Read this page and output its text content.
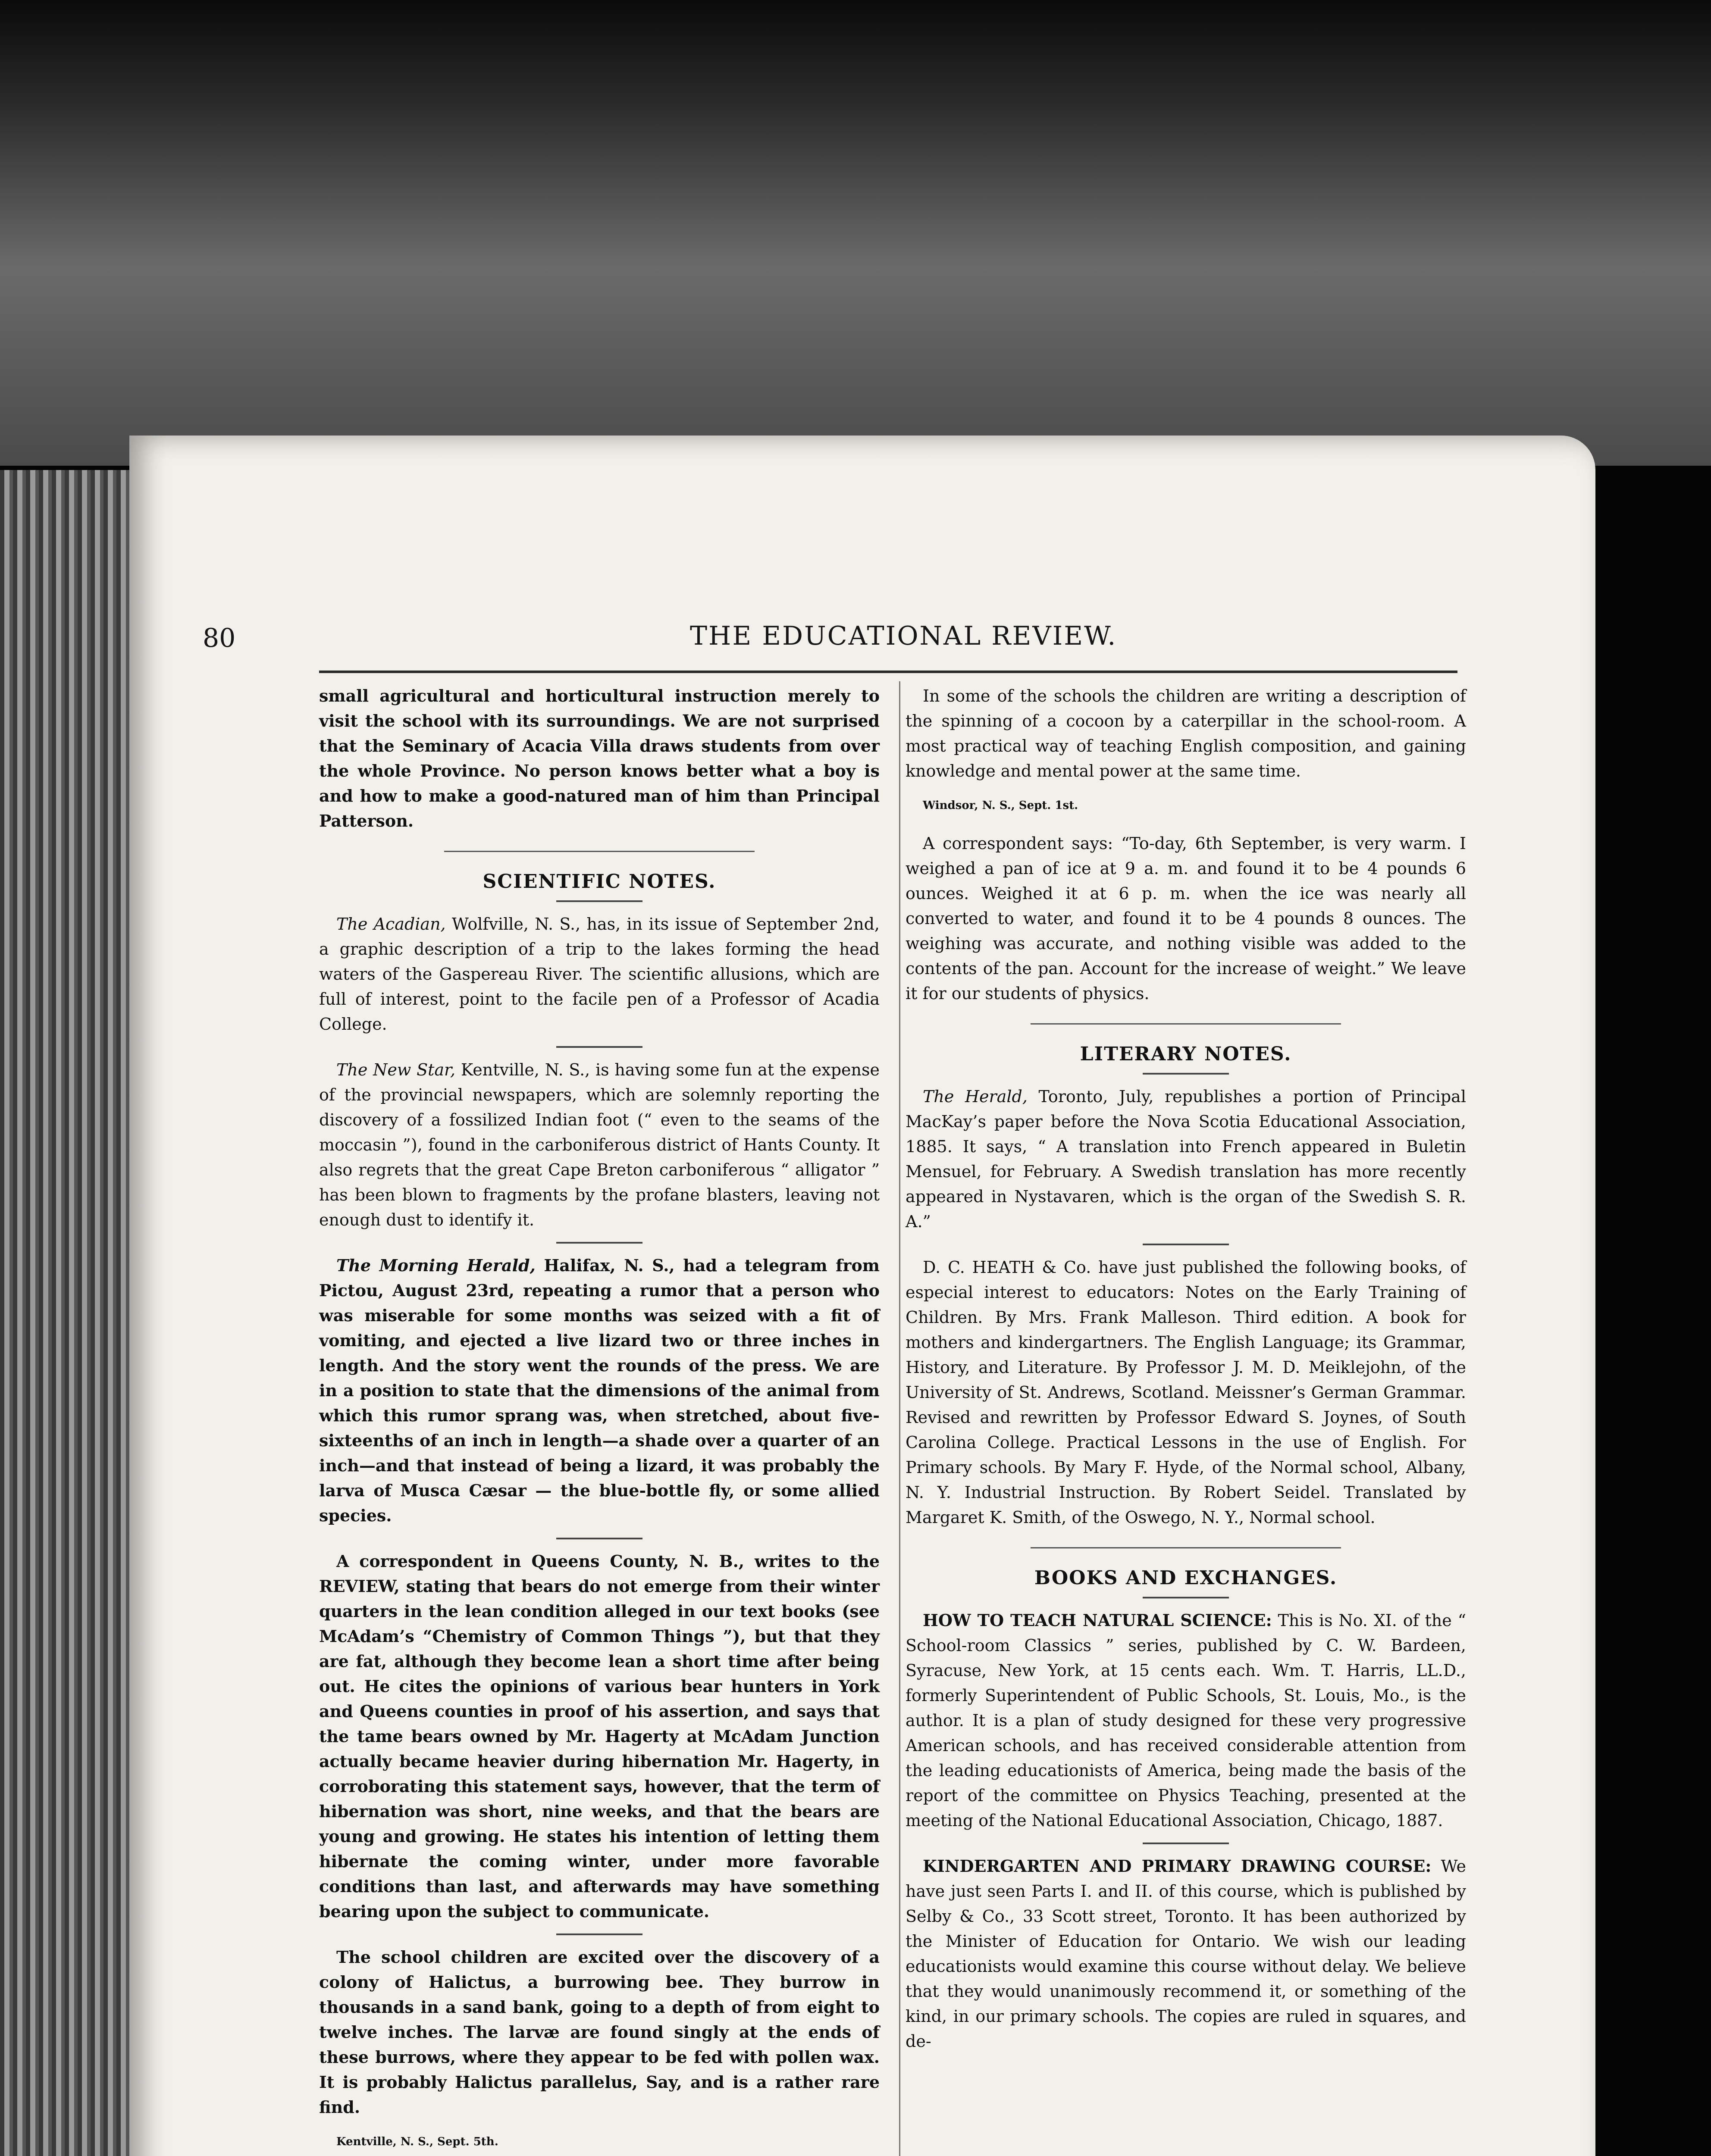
80	THE EDUCATIONAL REVIEW.

small agricultural and horticultural instruction merely to visit the school with its surroundings. We are not surprised that the Seminary of Acacia Villa draws students from over the whole Province. No person knows better what a boy is and how to make a good-natured man of him than Principal Patterson.

SCIENTIFIC NOTES.

The Acadian, Wolfville, N. S., has, in its issue of September 2nd, a graphic description of a trip to the lakes forming the head waters of the Gaspereau River. The scientific allusions, which are full of interest, point to the facile pen of a Professor of Acadia College.

The New Star, Kentville, N. S., is having some fun at the expense of the provincial newspapers, which are solemnly reporting the discovery of a fossilized Indian foot (“ even to the seams of the moccasin ”), found in the carboniferous district of Hants County. It also regrets that the great Cape Breton carboniferous “ alligator ” has been blown to fragments by the profane blasters, leaving not enough dust to identify it.

The Morning Herald, Halifax, N. S., had a telegram from Pictou, August 23rd, repeating a rumor that a person who was miserable for some months was seized with a fit of vomiting, and ejected a live lizard two or three inches in length. And the story went the rounds of the press. We are in a position to state that the dimensions of the animal from which this rumor sprang was, when stretched, about five-sixteenths of an inch in length—a shade over a quarter of an inch—and that instead of being a lizard, it was probably the larva of Musca Cæsar — the blue-bottle fly, or some allied species.

A correspondent in Queens County, N. B., writes to the REVIEW, stating that bears do not emerge from their winter quarters in the lean condition alleged in our text books (see McAdam’s “Chemistry of Common Things ”), but that they are fat, although they become lean a short time after being out. He cites the opinions of various bear hunters in York and Queens counties in proof of his assertion, and says that the tame bears owned by Mr. Hagerty at McAdam Junction actually became heavier during hibernation Mr. Hagerty, in corroborating this statement says, however, that the term of hibernation was short, nine weeks, and that the bears are young and growing. He states his intention of letting them hibernate the coming winter, under more favorable conditions than last, and afterwards may have something bearing upon the subject to communicate.

The school children are excited over the discovery of a colony of Halictus, a burrowing bee. They burrow in thousands in a sand bank, going to a depth of from eight to twelve inches. The larvæ are found singly at the ends of these burrows, where they appear to be fed with pollen wax. It is probably Halictus parallelus, Say, and is a rather rare find.

Kentville, N. S., Sept. 5th.

In some of the schools the children are writing a description of the spinning of a cocoon by a caterpillar in the school-room. A most practical way of teaching English composition, and gaining knowledge and mental power at the same time.

Windsor, N. S., Sept. 1st.

A correspondent says: “To-day, 6th September, is very warm. I weighed a pan of ice at 9 a. m. and found it to be 4 pounds 6 ounces. Weighed it at 6 p. m. when the ice was nearly all converted to water, and found it to be 4 pounds 8 ounces. The weighing was accurate, and nothing visible was added to the contents of the pan. Account for the increase of weight.” We leave it for our students of physics.

LITERARY NOTES.

The Herald, Toronto, July, republishes a portion of Principal MacKay’s paper before the Nova Scotia Educational Association, 1885. It says, “ A translation into French appeared in Buletin Mensuel, for February. A Swedish translation has more recently appeared in Nystavaren, which is the organ of the Swedish S. R. A.”

D. C. HEATH & Co. have just published the following books, of especial interest to educators: Notes on the Early Training of Children. By Mrs. Frank Malleson. Third edition. A book for mothers and kindergartners. The English Language; its Grammar, History, and Literature. By Professor J. M. D. Meiklejohn, of the University of St. Andrews, Scotland. Meissner’s German Grammar. Revised and rewritten by Professor Edward S. Joynes, of South Carolina College. Practical Lessons in the use of English. For Primary schools. By Mary F. Hyde, of the Normal school, Albany, N. Y. Industrial Instruction. By Robert Seidel. Translated by Margaret K. Smith, of the Oswego, N. Y., Normal school.

BOOKS AND EXCHANGES.

HOW TO TEACH NATURAL SCIENCE: This is No. XI. of the “ School-room Classics ” series, published by C. W. Bardeen, Syracuse, New York, at 15 cents each. Wm. T. Harris, LL.D., formerly Superintendent of Public Schools, St. Louis, Mo., is the author. It is a plan of study designed for these very progressive American schools, and has received considerable attention from the leading educationists of America, being made the basis of the report of the committee on Physics Teaching, presented at the meeting of the National Educational Association, Chicago, 1887.

KINDERGARTEN AND PRIMARY DRAWING COURSE: We have just seen Parts I. and II. of this course, which is published by Selby & Co., 33 Scott street, Toronto. It has been authorized by the Minister of Education for Ontario. We wish our leading educationists would examine this course without delay. We believe that they would unanimously recommend it, or something of the kind, in our primary schools. The copies are ruled in squares, and de-
